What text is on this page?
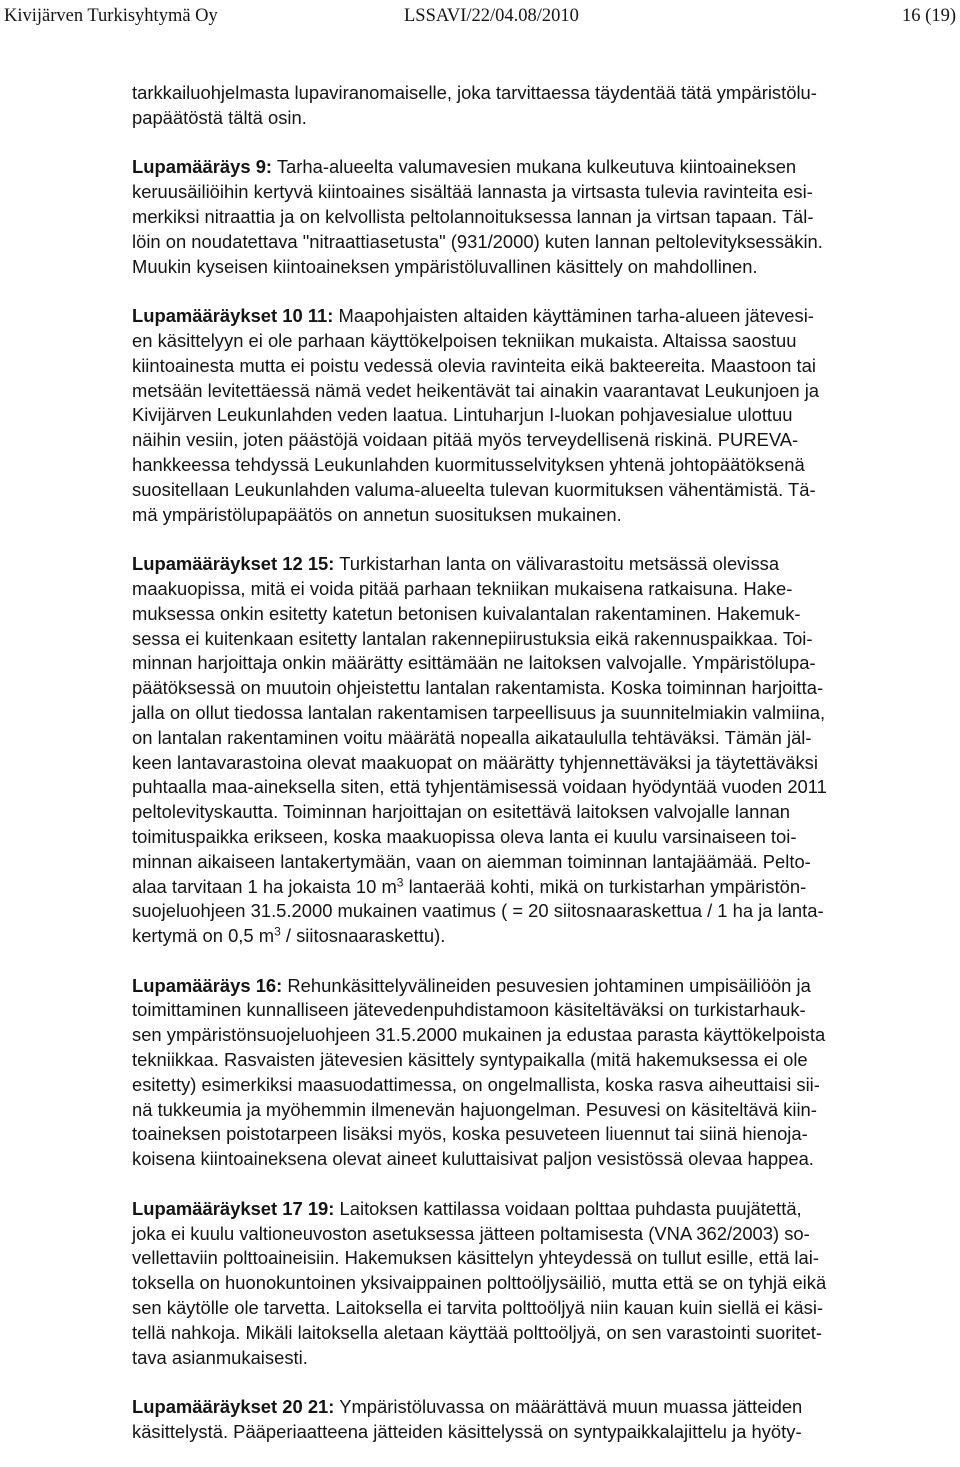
Kivijärven Turkisyhtymä Oy	LSSAVI/22/04.08/2010	16 (19)
tarkkailuohjelmasta lupaviranomaiselle, joka tarvittaessa täydentää tätä ympäristölu-
papäätöstä tältä osin.
Lupamääräys 9: Tarha-alueelta valumavesien mukana kulkeutuva kiintoaineksen
keruusäiliöihin kertyvä kiintoaines sisältää lannasta ja virtsasta tulevia ravinteita esi-
merkiksi nitraattia ja on kelvollista peltolannoituksessa lannan ja virtsan tapaan. Täl-
löin on noudatettava "nitraattiasetusta" (931/2000) kuten lannan peltolevityksessäkin.
Muukin kyseisen kiintoaineksen ympäristöluvallinen käsittely on mahdollinen.
Lupamääräykset 10 11: Maapohjaisten altaiden käyttäminen tarha-alueen jätevesi-
en käsittelyyn ei ole parhaan käyttökelpoisen tekniikan mukaista. Altaissa saostuu
kiintoainesta mutta ei poistu vedessä olevia ravinteita eikä bakteereita. Maastoon tai
metsään levitettäessä nämä vedet heikentävät tai ainakin vaarantavat Leukunjoen ja
Kivijärven Leukunlahden veden laatua. Lintuharjun I-luokan pohjavesialue ulottuu
näihin vesiin, joten päästöjä voidaan pitää myös terveydellisenä riskinä. PUREVA-
hankkeessa tehdyssä Leukunlahden kuormitusselvityksen yhtenä johtopäätöksenä
suositellaan Leukunlahden valuma-alueelta tulevan kuormituksen vähentämistä. Tä-
mä ympäristölupapäätös on annetun suosituksen mukainen.
Lupamääräykset 12 15: Turkistarhan lanta on välivarastoitu metsässä olevissa
maakuopissa, mitä ei voida pitää parhaan tekniikan mukaisena ratkaisuna. Hake-
muksessa onkin esitetty katetun betonisen kuivalantalan rakentaminen. Hakemuk-
sessa ei kuitenkaan esitetty lantalan rakennepiirustuksia eikä rakennuspaikkaa. Toi-
minnan harjoittaja onkin määrätty esittämään ne laitoksen valvojalle. Ympäristölupa-
päätöksessä on muutoin ohjeistettu lantalan rakentamista. Koska toiminnan harjoitta-
jalla on ollut tiedossa lantalan rakentamisen tarpeellisuus ja suunnitelmiakin valmiina,
on lantalan rakentaminen voitu määrätä nopealla aikataululla tehtäväksi. Tämän jäl-
keen lantavarastoina olevat maakuopat on määrätty tyhjennettäväksi ja täytettäväksi
puhtaalla maa-aineksella siten, että tyhjentämisessä voidaan hyödyntää vuoden 2011
peltolevityskautta. Toiminnan harjoittajan on esitettävä laitoksen valvojalle lannan
toimituspaikka erikseen, koska maakuopissa oleva lanta ei kuulu varsinaiseen toi-
minnan aikaiseen lantakertymään, vaan on aiemman toiminnan lantajäämää. Pelto-
alaa tarvitaan 1 ha jokaista 10 $m^3$ lantaerää kohti, mikä on turkistarhan ympäristön-
suojeluohjeen 31.5.2000 mukainen vaatimus ( = 20 siitosnaaraskettua / 1 ha ja lanta-
kertymä on 0,5 $m^3$ / siitosnaaraskettu).
Lupamääräys 16: Rehunkäsittelyvälineiden pesuvesien johtaminen umpisäiliöön ja
toimittaminen kunnalliseen jätevedenpuhdistamoon käsiteltäväksi on turkistarhauk-
sen ympäristönsuojeluohjeen 31.5.2000 mukainen ja edustaa parasta käyttökelpoista
tekniikkaa. Rasvaisten jätevesien käsittely syntypaikalla (mitä hakemuksessa ei ole
esitetty) esimerkiksi maasuodattimessa, on ongelmallista, koska rasva aiheuttaisi sii-
nä tukkeumia ja myöhemmin ilmenevän hajuongelman. Pesuvesi on käsiteltävä kiin-
toaineksen poistotarpeen lisäksi myös, koska pesuveteen liuennut tai siinä hienoja-
koisena kiintoaineksena olevat aineet kuluttaisivat paljon vesistössä olevaa happea.
Lupamääräykset 17 19: Laitoksen kattilassa voidaan polttaa puhdasta puujätettä,
joka ei kuulu valtioneuvoston asetuksessa jätteen poltamisesta (VNA 362/2003) so-
vellettaviin polttoaineisiin. Hakemuksen käsittelyn yhteydessä on tullut esille, että lai-
toksella on huonokuntoinen yksivaippainen polttoöljysäiliö, mutta että se on tyhjä eikä
sen käytölle ole tarvetta. Laitoksella ei tarvita polttoöljyä niin kauan kuin siellä ei käsi-
tellä nahkoja. Mikäli laitoksella aletaan käyttää polttoöljyä, on sen varastointi suoritet-
tava asianmukaisesti.
Lupamääräykset 20 21: Ympäristöluvassa on määrättävä muun muassa jätteiden
käsittelystä. Pääperiaatteena jätteiden käsittelyssä on syntypaikkalajittelu ja hyöty-
